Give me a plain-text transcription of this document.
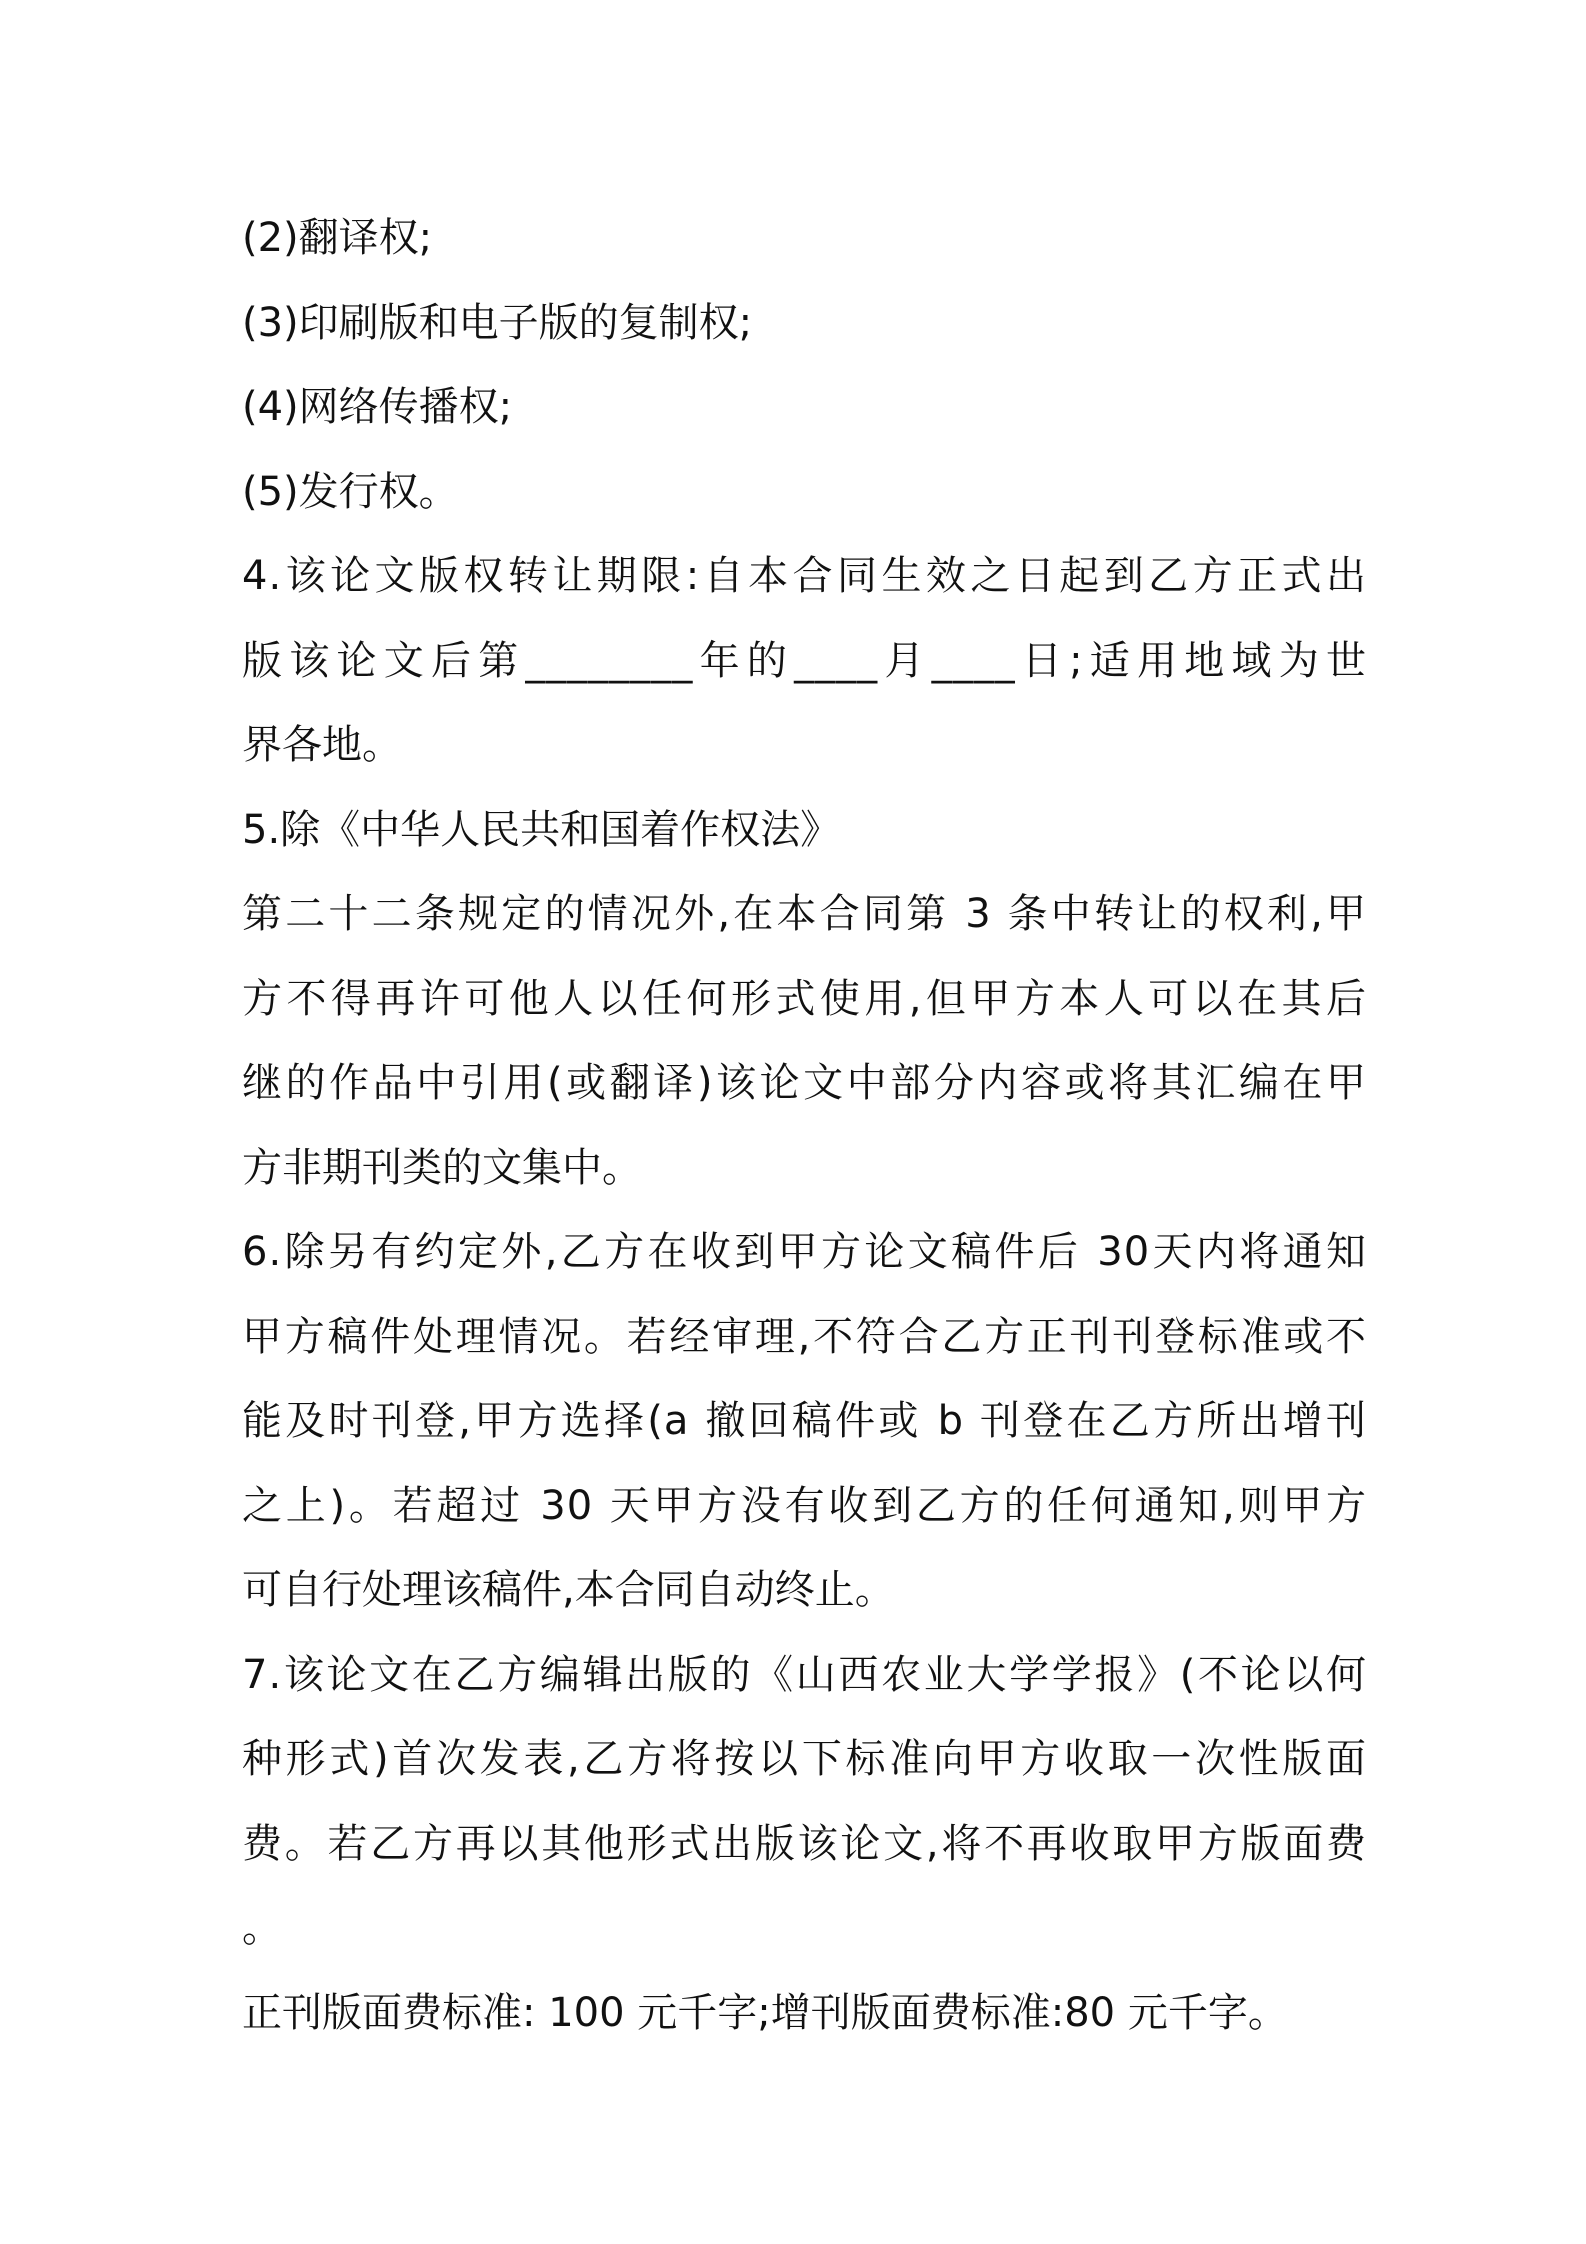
(2)翻译权;
(3)印刷版和电子版的复制权;
(4)网络传播权;
(5)发行权。
4.该论文版权转让期限:自本合同生效之日起到乙方正式出
版该论文后第________年的____月____日;适用地域为世
界各地。
5.除《中华人民共和国着作权法》
第二十二条规定的情况外,在本合同第 3 条中转让的权利,甲
方不得再许可他人以任何形式使用,但甲方本人可以在其后
继的作品中引用(或翻译)该论文中部分内容或将其汇编在甲
方非期刊类的文集中。
6.除另有约定外,乙方在收到甲方论文稿件后 30天内将通知
甲方稿件处理情况。若经审理,不符合乙方正刊刊登标准或不
能及时刊登,甲方选择(a 撤回稿件或 b 刊登在乙方所出增刊
之上)。若超过 30 天甲方没有收到乙方的任何通知,则甲方
可自行处理该稿件,本合同自动终止。
7.该论文在乙方编辑出版的《山西农业大学学报》(不论以何
种形式)首次发表,乙方将按以下标准向甲方收取一次性版面
费。若乙方再以其他形式出版该论文,将不再收取甲方版面费
。
正刊版面费标准: 100 元千字;增刊版面费标准:80 元千字。
